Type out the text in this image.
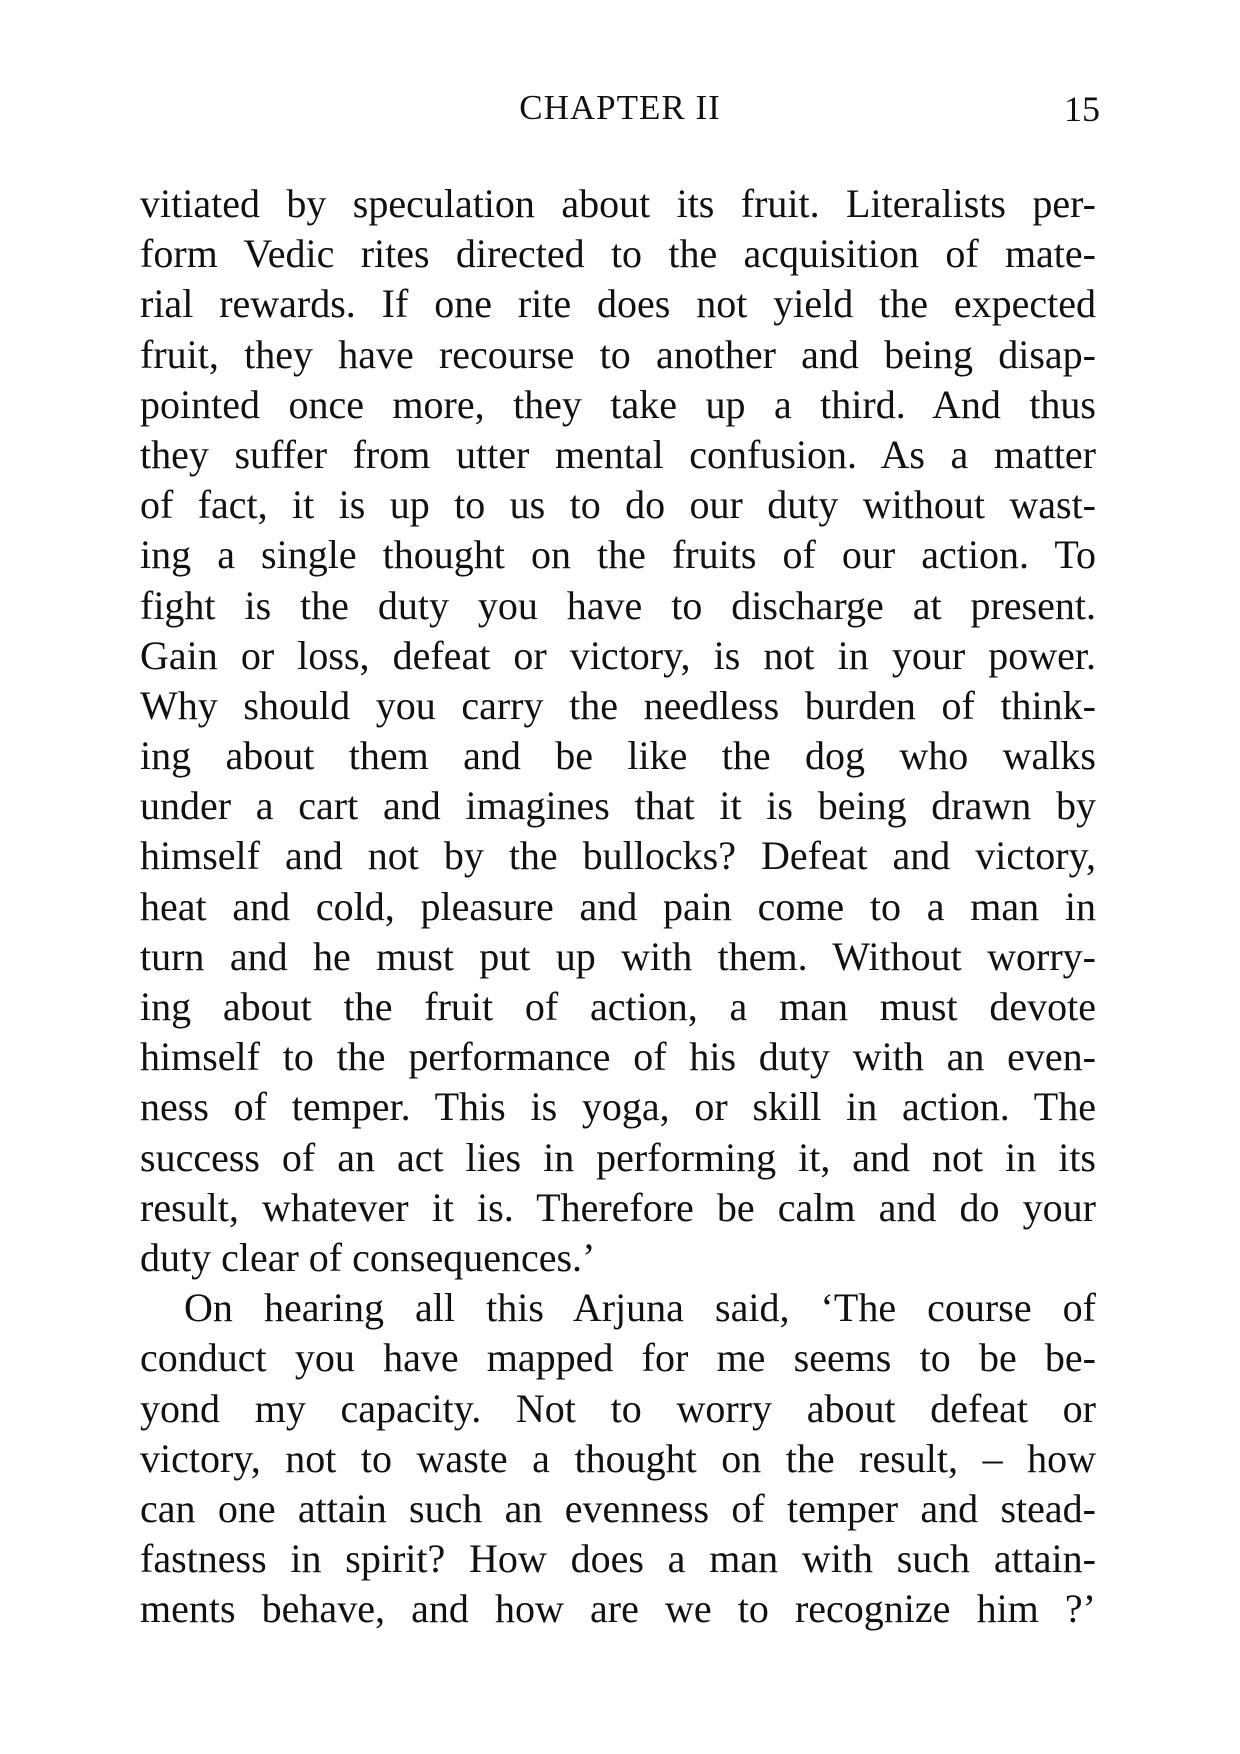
CHAPTER II	15
vitiated by speculation about its fruit. Literalists per-
form Vedic rites directed to the acquisition of mate-
rial rewards. If one rite does not yield the expected
fruit, they have recourse to another and being disap-
pointed once more, they take up a third. And thus
they suffer from utter mental confusion. As a matter
of fact, it is up to us to do our duty without wast-
ing a single thought on the fruits of our action. To
fight is the duty you have to discharge at present.
Gain or loss, defeat or victory, is not in your power.
Why should you carry the needless burden of think-
ing about them and be like the dog who walks
under a cart and imagines that it is being drawn by
himself and not by the bullocks? Defeat and victory,
heat and cold, pleasure and pain come to a man in
turn and he must put up with them. Without worry-
ing about the fruit of action, a man must devote
himself to the performance of his duty with an even-
ness of temper. This is yoga, or skill in action. The
success of an act lies in performing it, and not in its
result, whatever it is. Therefore be calm and do your
duty clear of consequences.’
On hearing all this Arjuna said, ‘The course of
conduct you have mapped for me seems to be be-
yond my capacity. Not to worry about defeat or
victory, not to waste a thought on the result, – how
can one attain such an evenness of temper and stead-
fastness in spirit? How does a man with such attain-
ments behave, and how are we to recognize him ?’
